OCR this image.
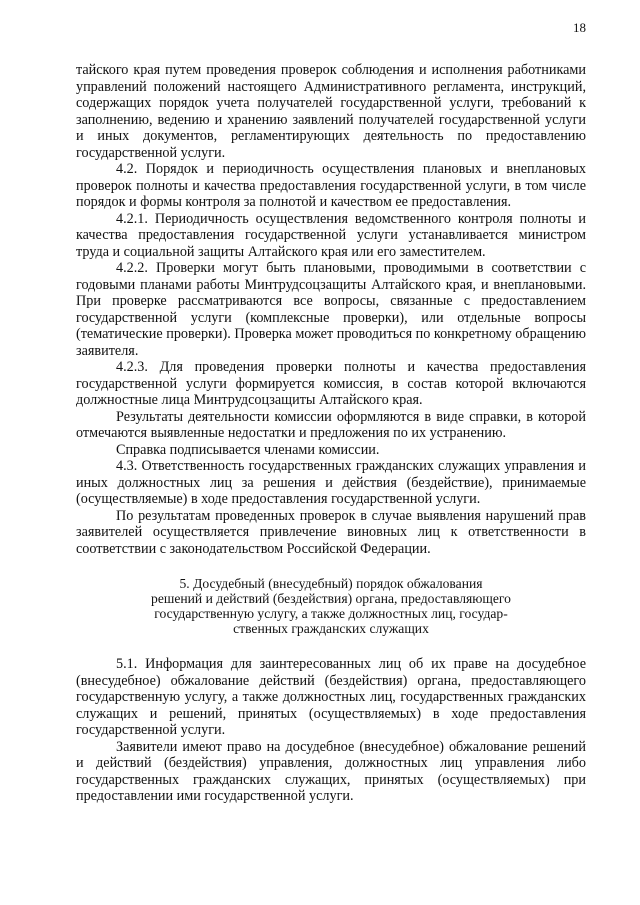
18

тайского края путем проведения проверок соблюдения и исполнения работниками управлений положений настоящего Административного регламента, инструкций, содержащих порядок учета получателей государственной услуги, требований к заполнению, ведению и хранению заявлений получателей государственной услуги и иных документов, регламентирующих деятельность по предоставлению государственной услуги.

4.2. Порядок и периодичность осуществления плановых и внеплановых проверок полноты и качества предоставления государственной услуги, в том числе порядок и формы контроля за полнотой и качеством ее предоставления.

4.2.1. Периодичность осуществления ведомственного контроля полноты и качества предоставления государственной услуги устанавливается министром труда и социальной защиты Алтайского края или его заместителем.

4.2.2. Проверки могут быть плановыми, проводимыми в соответствии с годовыми планами работы Минтрудсоцзащиты Алтайского края, и внеплановыми. При проверке рассматриваются все вопросы, связанные с предоставлением государственной услуги (комплексные проверки), или отдельные вопросы (тематические проверки). Проверка может проводиться по конкретному обращению заявителя.

4.2.3. Для проведения проверки полноты и качества предоставления государственной услуги формируется комиссия, в состав которой включаются должностные лица Минтрудсоцзащиты Алтайского края.

Результаты деятельности комиссии оформляются в виде справки, в которой отмечаются выявленные недостатки и предложения по их устранению.

Справка подписывается членами комиссии.

4.3. Ответственность государственных гражданских служащих управления и иных должностных лиц за решения и действия (бездействие), принимаемые (осуществляемые) в ходе предоставления государственной услуги.

По результатам проведенных проверок в случае выявления нарушений прав заявителей осуществляется привлечение виновных лиц к ответственности в соответствии с законодательством Российской Федерации.

5. Досудебный (внесудебный) порядок обжалования
решений и действий (бездействия) органа, предоставляющего
государственную услугу, а также должностных лиц, государ-
ственных гражданских служащих

5.1. Информация для заинтересованных лиц об их праве на досудебное (внесудебное) обжалование действий (бездействия) органа, предоставляющего государственную услугу, а также должностных лиц, государственных гражданских служащих и решений, принятых (осуществляемых) в ходе предоставления государственной услуги.

Заявители имеют право на досудебное (внесудебное) обжалование решений и действий (бездействия) управления, должностных лиц управления либо государственных гражданских служащих, принятых (осуществляемых) при предоставлении ими государственной услуги.
